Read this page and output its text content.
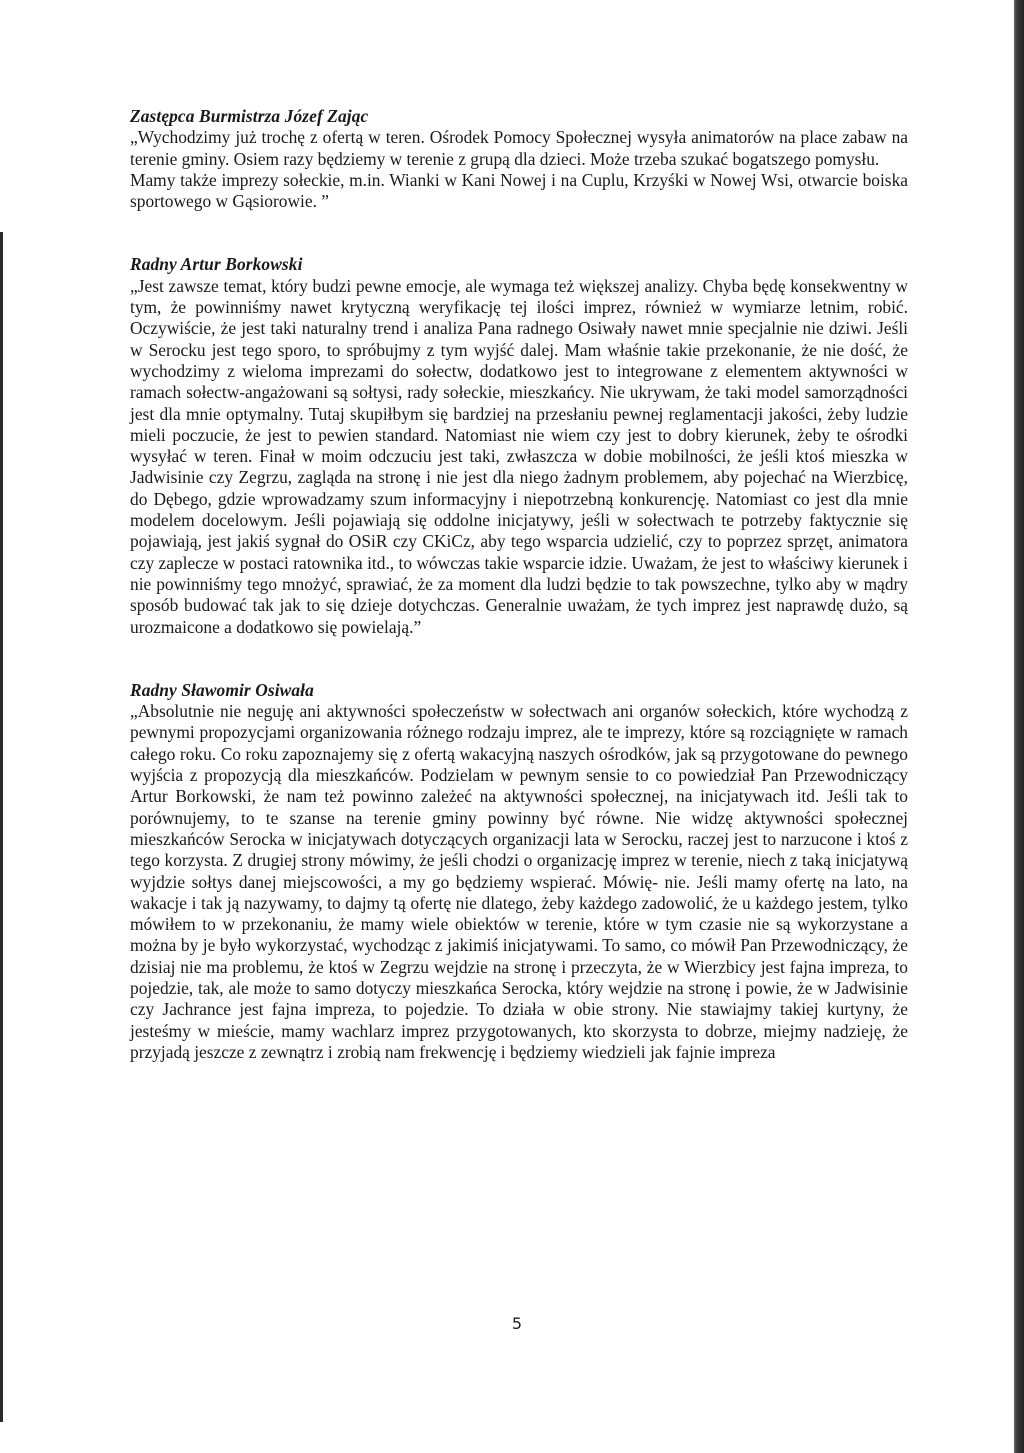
Zastępca Burmistrza Józef Zając

„Wychodzimy już trochę z ofertą w teren. Ośrodek Pomocy Społecznej wysyła animatorów na place zabaw na terenie gminy. Osiem razy będziemy w terenie z grupą dla dzieci. Może trzeba szukać bogatszego pomysłu.

Mamy także imprezy sołeckie, m.in. Wianki w Kani Nowej i na Cuplu, Krzyśki w Nowej Wsi, otwarcie boiska sportowego w Gąsiorowie. ”

Radny Artur Borkowski

„Jest zawsze temat, który budzi pewne emocje, ale wymaga też większej analizy. Chyba będę konsekwentny w tym, że powinniśmy nawet krytyczną weryfikację tej ilości imprez, również w wymiarze letnim, robić. Oczywiście, że jest taki naturalny trend i analiza Pana radnego Osiwały nawet mnie specjalnie nie dziwi. Jeśli w Serocku jest tego sporo, to spróbujmy z tym wyjść dalej. Mam właśnie takie przekonanie, że nie dość, że wychodzimy z wieloma imprezami do sołectw, dodatkowo jest to integrowane z elementem aktywności w ramach sołectw-angażowani są sołtysi, rady sołeckie, mieszkańcy. Nie ukrywam, że taki model samorządności jest dla mnie optymalny. Tutaj skupiłbym się bardziej na przesłaniu pewnej reglamentacji jakości, żeby ludzie mieli poczucie, że jest to pewien standard. Natomiast nie wiem czy jest to dobry kierunek, żeby te ośrodki wysyłać w teren. Finał w moim odczuciu jest taki, zwłaszcza w dobie mobilności, że jeśli ktoś mieszka w Jadwisinie czy Zegrzu, zagląda na stronę i nie jest dla niego żadnym problemem, aby pojechać na Wierzbicę, do Dębego, gdzie wprowadzamy szum informacyjny i niepotrzebną konkurencję. Natomiast co jest dla mnie modelem docelowym. Jeśli pojawiają się oddolne inicjatywy, jeśli w sołectwach te potrzeby faktycznie się pojawiają, jest jakiś sygnał do OSiR czy CKiCz, aby tego wsparcia udzielić, czy to poprzez sprzęt, animatora czy zaplecze w postaci ratownika itd., to wówczas takie wsparcie idzie. Uważam, że jest to właściwy kierunek i nie powinniśmy tego mnożyć, sprawiać, że za moment dla ludzi będzie to tak powszechne, tylko aby w mądry sposób budować tak jak to się dzieje dotychczas. Generalnie uważam, że tych imprez jest naprawdę dużo, są urozmaicone a dodatkowo się powielają.”

Radny Sławomir Osiwała

„Absolutnie nie neguję ani aktywności społeczeństw w sołectwach ani organów sołeckich, które wychodzą z pewnymi propozycjami organizowania różnego rodzaju imprez, ale te imprezy, które są rozciągnięte w ramach całego roku. Co roku zapoznajemy się z ofertą wakacyjną naszych ośrodków, jak są przygotowane do pewnego wyjścia z propozycją dla mieszkańców. Podzielam w pewnym sensie to co powiedział Pan Przewodniczący Artur Borkowski, że nam też powinno zależeć na aktywności społecznej, na inicjatywach itd. Jeśli tak to porównujemy, to te szanse na terenie gminy powinny być równe. Nie widzę aktywności społecznej mieszkańców Serocka w inicjatywach dotyczących organizacji lata w Serocku, raczej jest to narzucone i ktoś z tego korzysta. Z drugiej strony mówimy, że jeśli chodzi o organizację imprez w terenie, niech z taką inicjatywą wyjdzie sołtys danej miejscowości, a my go będziemy wspierać. Mówię- nie. Jeśli mamy ofertę na lato, na wakacje i tak ją nazywamy, to dajmy tą ofertę nie dlatego, żeby każdego zadowolić, że u każdego jestem, tylko mówiłem to w przekonaniu, że mamy wiele obiektów w terenie, które w tym czasie nie są wykorzystane a można by je było wykorzystać, wychodząc z jakimiś inicjatywami. To samo, co mówił Pan Przewodniczący, że dzisiaj nie ma problemu, że ktoś w Zegrzu wejdzie na stronę i przeczyta, że w Wierzbicy jest fajna impreza, to pojedzie, tak, ale może to samo dotyczy mieszkańca Serocka, który wejdzie na stronę i powie, że w Jadwisinie czy Jachrance jest fajna impreza, to pojedzie. To działa w obie strony. Nie stawiajmy takiej kurtyny, że jesteśmy w mieście, mamy wachlarz imprez przygotowanych, kto skorzysta to dobrze, miejmy nadzieję, że przyjadą jeszcze z zewnątrz i zrobią nam frekwencję i będziemy wiedzieli jak fajnie impreza

5
